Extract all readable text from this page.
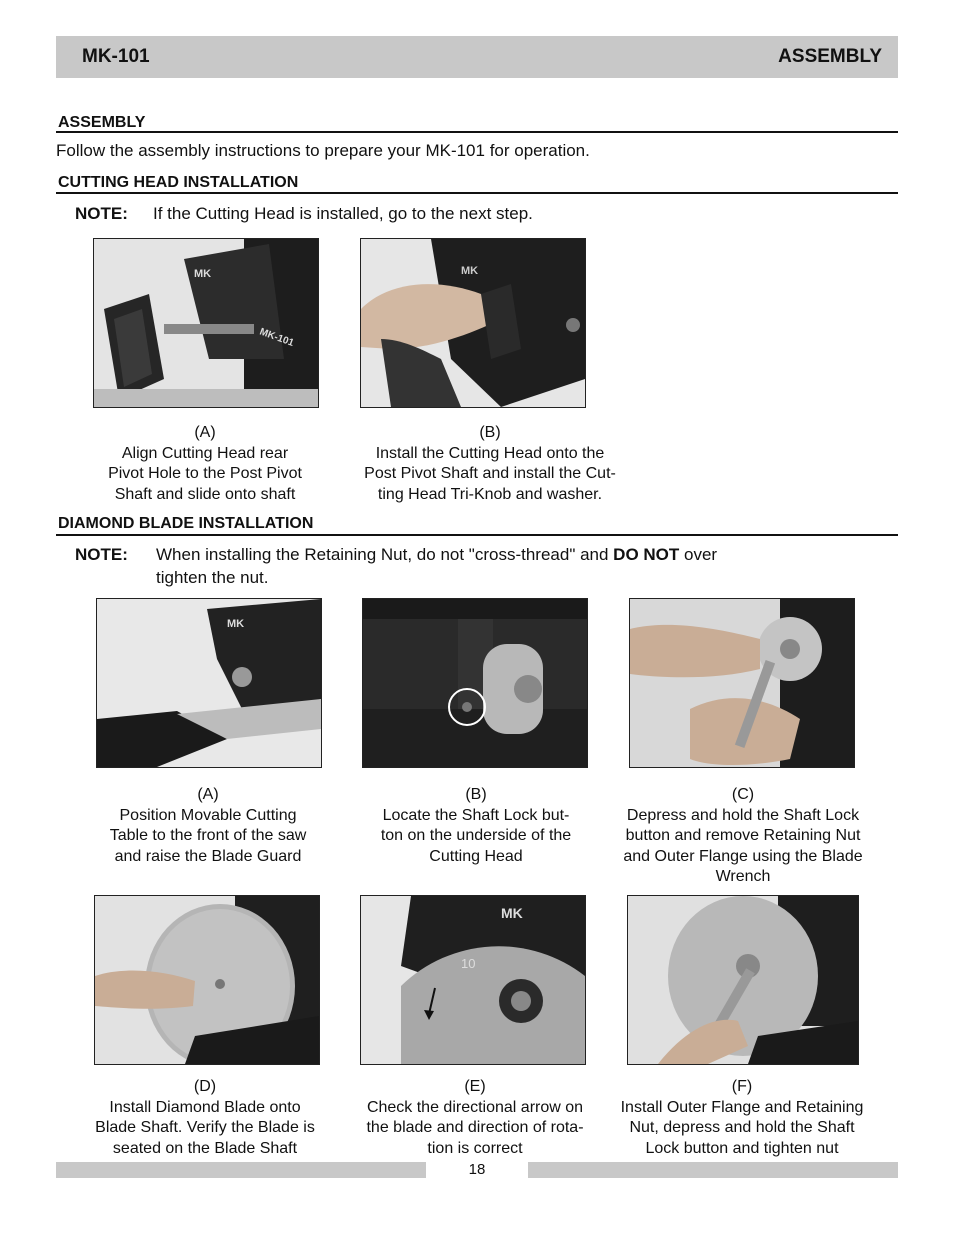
MK-101	ASSEMBLY
ASSEMBLY
Follow the assembly instructions to prepare your MK-101 for operation.
CUTTING HEAD INSTALLATION
NOTE: If the Cutting Head is installed, go to the next step.
MK
MK-101
MK
(A)
Align Cutting Head rear
Pivot Hole to the Post Pivot
Shaft and slide onto shaft
(B)
Install the Cutting Head onto the
Post Pivot Shaft and install the Cut-
ting Head Tri-Knob and washer.
DIAMOND BLADE INSTALLATION
NOTE: When installing the Retaining Nut, do not "cross-thread" and DO NOT over
tighten the nut.
MK
(A)
Position Movable Cutting
Table to the front of the saw
and raise the Blade Guard
(B)
Locate the Shaft Lock but-
ton on the underside of the
Cutting Head
(C)
Depress and hold the Shaft Lock
button and remove Retaining Nut
and Outer Flange using the Blade
Wrench
10
MK
(D)
Install Diamond Blade onto
Blade Shaft. Verify the Blade is
seated on the Blade Shaft
(E)
Check the directional arrow on
the blade and direction of rota-
tion is correct
(F)
Install Outer Flange and Retaining
Nut, depress and hold the Shaft
Lock button and tighten nut
18
